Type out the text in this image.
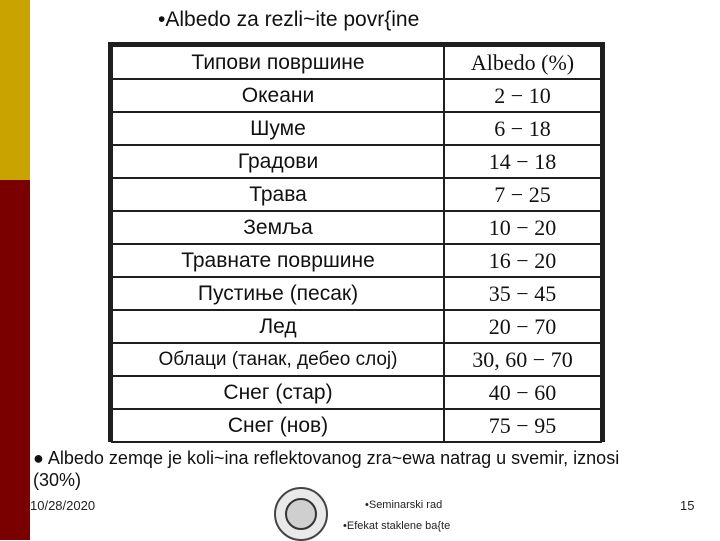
•Albedo za rezli~ite povr{ine
Типови површине	Albedo (%)
Океани	2 − 10
Шуме	6 − 18
Градови	14 − 18
Трава	7 − 25
Земља	10 − 20
Травнате површине	16 − 20
Пустиње (песак)	35 − 45
Лед	20 − 70
Облаци (танак, дебео слој)	30, 60 − 70
Снег (стар)	40 − 60
Снег (нов)	75 − 95
● Albedo zemqe je koli~ina reflektovanog zra~ewa natrag u svemir, iznosi (30%)
10/28/2020	•Seminarski rad
•Efekat staklene ba{te
15
